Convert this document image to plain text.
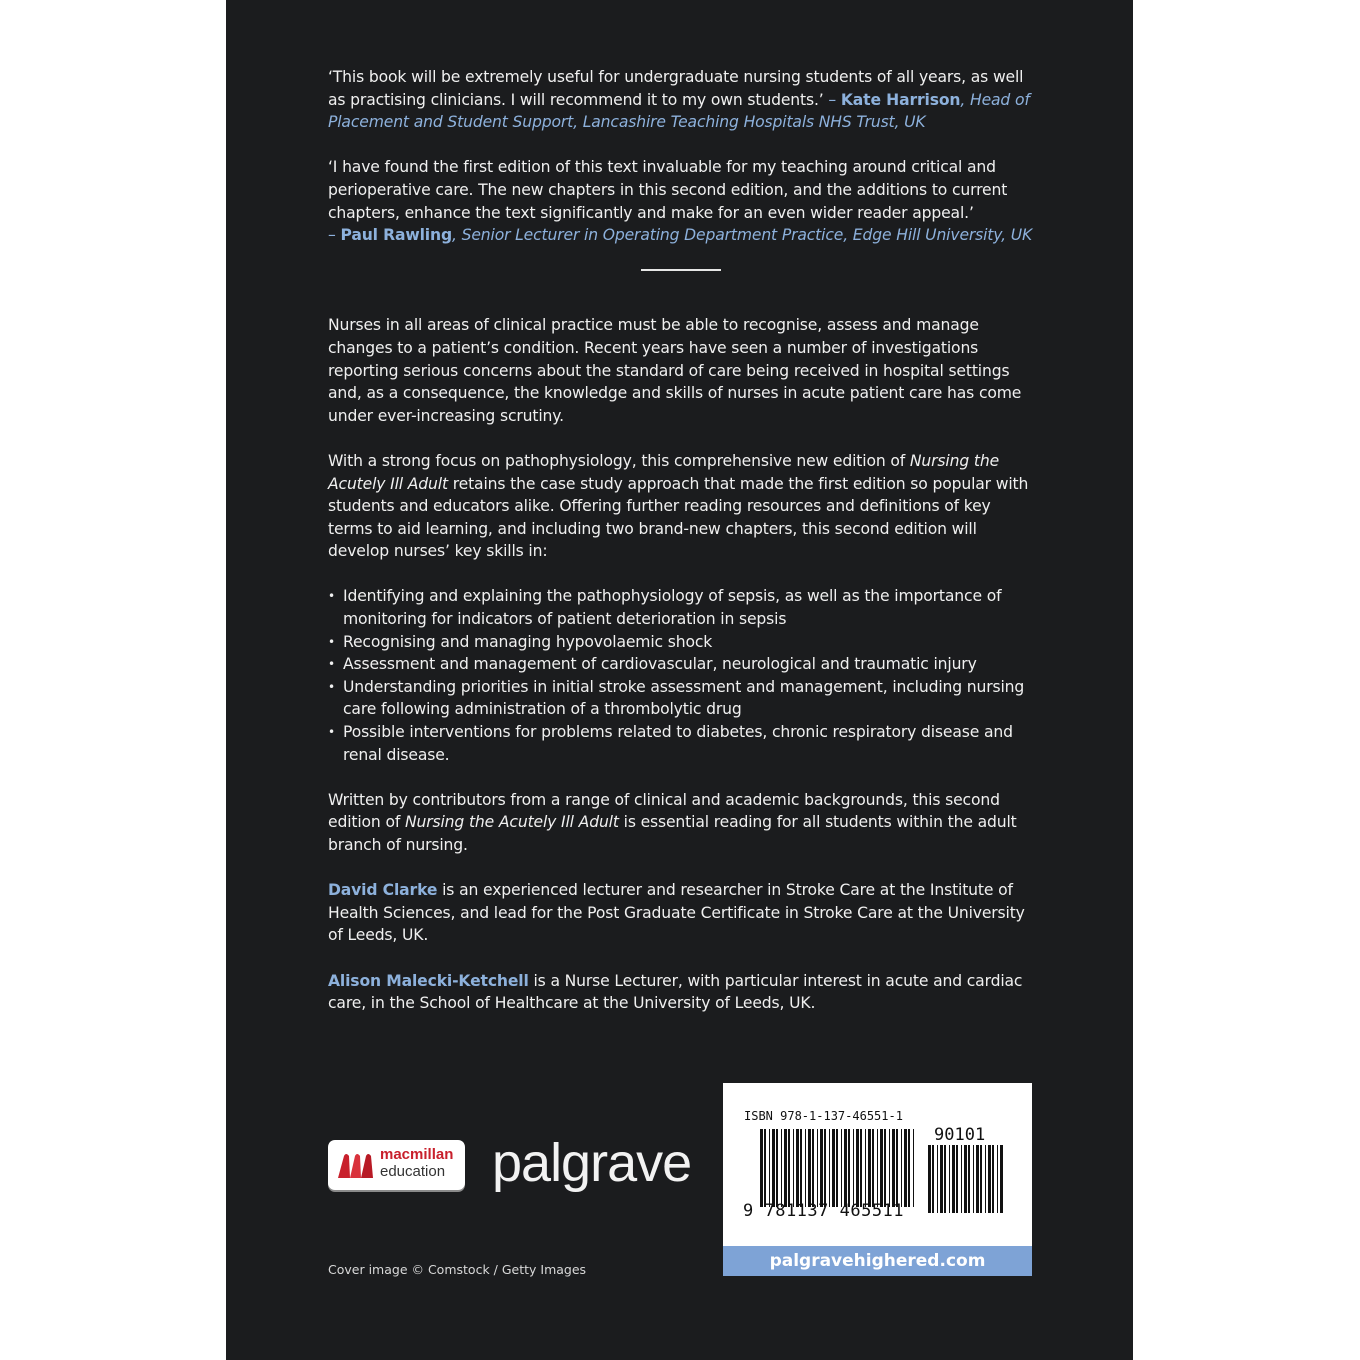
‘This book will be extremely useful for undergraduate nursing students of all years, as well as practising clinicians. I will recommend it to my own students.’ – Kate Harrison, Head of Placement and Student Support, Lancashire Teaching Hospitals NHS Trust, UK

‘I have found the first edition of this text invaluable for my teaching around critical and perioperative care. The new chapters in this second edition, and the additions to current chapters, enhance the text significantly and make for an even wider reader appeal.’
– Paul Rawling, Senior Lecturer in Operating Department Practice, Edge Hill University, UK

Nurses in all areas of clinical practice must be able to recognise, assess and manage changes to a patient’s condition. Recent years have seen a number of investigations reporting serious concerns about the standard of care being received in hospital settings and, as a consequence, the knowledge and skills of nurses in acute patient care has come under ever-increasing scrutiny.

With a strong focus on pathophysiology, this comprehensive new edition of Nursing the Acutely Ill Adult retains the case study approach that made the first edition so popular with students and educators alike. Offering further reading resources and definitions of key terms to aid learning, and including two brand-new chapters, this second edition will develop nurses’ key skills in:

• Identifying and explaining the pathophysiology of sepsis, as well as the importance of monitoring for indicators of patient deterioration in sepsis
• Recognising and managing hypovolaemic shock
• Assessment and management of cardiovascular, neurological and traumatic injury
• Understanding priorities in initial stroke assessment and management, including nursing care following administration of a thrombolytic drug
• Possible interventions for problems related to diabetes, chronic respiratory disease and renal disease.

Written by contributors from a range of clinical and academic backgrounds, this second edition of Nursing the Acutely Ill Adult is essential reading for all students within the adult branch of nursing.

David Clarke is an experienced lecturer and researcher in Stroke Care at the Institute of Health Sciences, and lead for the Post Graduate Certificate in Stroke Care at the University of Leeds, UK.

Alison Malecki-Ketchell is a Nurse Lecturer, with particular interest in acute and cardiac care, in the School of Healthcare at the University of Leeds, UK.

macmillan
education palgrave
Cover image © Comstock / Getty Images
ISBN 978-1-137-46551-1
90101
9 781137 465511
palgravehighered.com
